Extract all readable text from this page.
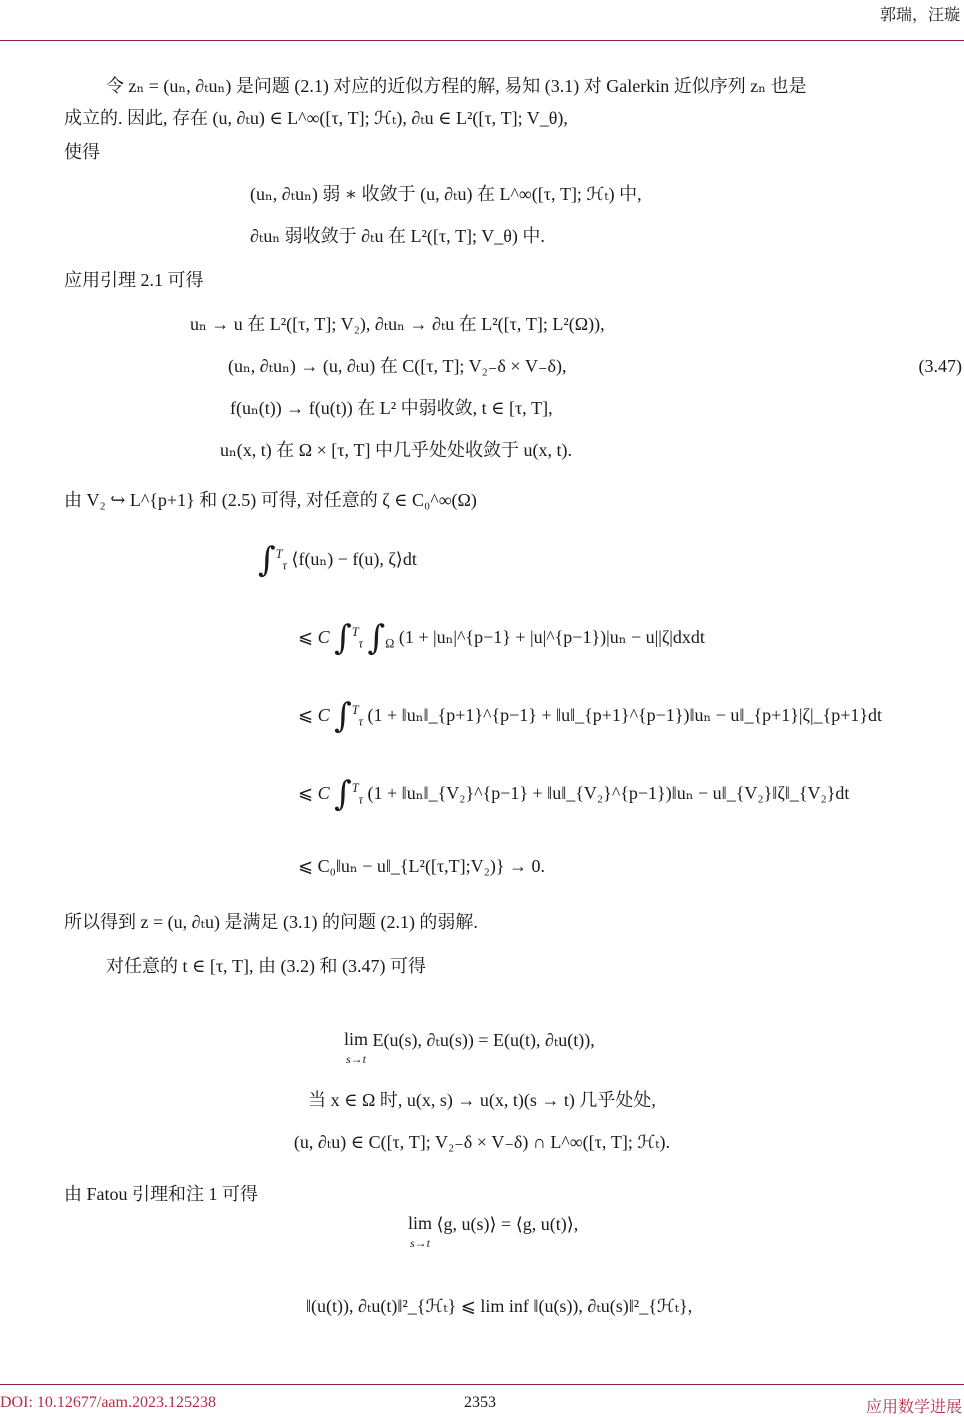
郭瑞，汪璇
令 zₙ = (uₙ, ∂ₜuₙ) 是问题 (2.1) 对应的近似方程的解, 易知 (3.1) 对 Galerkin 近似序列 zₙ 也是
成立的. 因此, 存在 (u, ∂ₜu) ∈ L^∞([τ, T]; ℋₜ), ∂ₜu ∈ L²([τ, T]; V_θ),
使得
(uₙ, ∂ₜuₙ) 弱 ∗ 收敛于 (u, ∂ₜu) 在 L^∞([τ, T]; ℋₜ) 中,
∂ₜuₙ 弱收敛于 ∂ₜu 在 L²([τ, T]; V_θ) 中.
应用引理 2.1 可得
uₙ → u 在 L²([τ, T]; V₂), ∂ₜuₙ → ∂ₜu 在 L²([τ, T]; L²(Ω)),
(uₙ, ∂ₜuₙ) → (u, ∂ₜu) 在 C([τ, T]; V₂₋δ × V₋δ),	(3.47)
f(uₙ(t)) → f(u(t)) 在 L² 中弱收敛, t ∈ [τ, T],
uₙ(x, t) 在 Ω × [τ, T] 中几乎处处收敛于 u(x, t).
由 V₂ ↪ L^{p+1} 和 (2.5) 可得, 对任意的 ζ ∈ C₀^∞(Ω)
∫$^T_\tau$ ⟨f(uₙ) − f(u), ζ⟩dt
⩽ C ∫$^T_\tau$ $\int_\Omega$ (1 + |uₙ|^{p−1} + |u|^{p−1})|uₙ − u||ζ|dxdt
⩽ C ∫$^T_\tau$ (1 + ‖uₙ‖_{p+1}^{p−1} + ‖u‖_{p+1}^{p−1})‖uₙ − u‖_{p+1}|ζ|_{p+1}dt
⩽ C ∫$^T_\tau$ (1 + ‖uₙ‖_{V₂}^{p−1} + ‖u‖_{V₂}^{p−1})‖uₙ − u‖_{V₂}‖ζ‖_{V₂}dt
⩽ C₀‖uₙ − u‖_{L²([τ,T];V₂)} → 0.
所以得到 z = (u, ∂ₜu) 是满足 (3.1) 的问题 (2.1) 的弱解.
对任意的 t ∈ [τ, T], 由 (3.2) 和 (3.47) 可得
lim
s→t E(u(s), ∂ₜu(s)) = E(u(t), ∂ₜu(t)),
当 x ∈ Ω 时, u(x, s) → u(x, t)(s → t) 几乎处处,
(u, ∂ₜu) ∈ C([τ, T]; V₂₋δ × V₋δ) ∩ L^∞([τ, T]; ℋₜ).
由 Fatou 引理和注 1 可得
lim
s→t ⟨g, u(s)⟩ = ⟨g, u(t)⟩,
‖(u(t)), ∂ₜu(t)‖²_{ℋₜ} ⩽ lim inf ‖(u(s)), ∂ₜu(s)‖²_{ℋₜ},
DOI: 10.12677/aam.2023.125238	2353	应用数学进展
